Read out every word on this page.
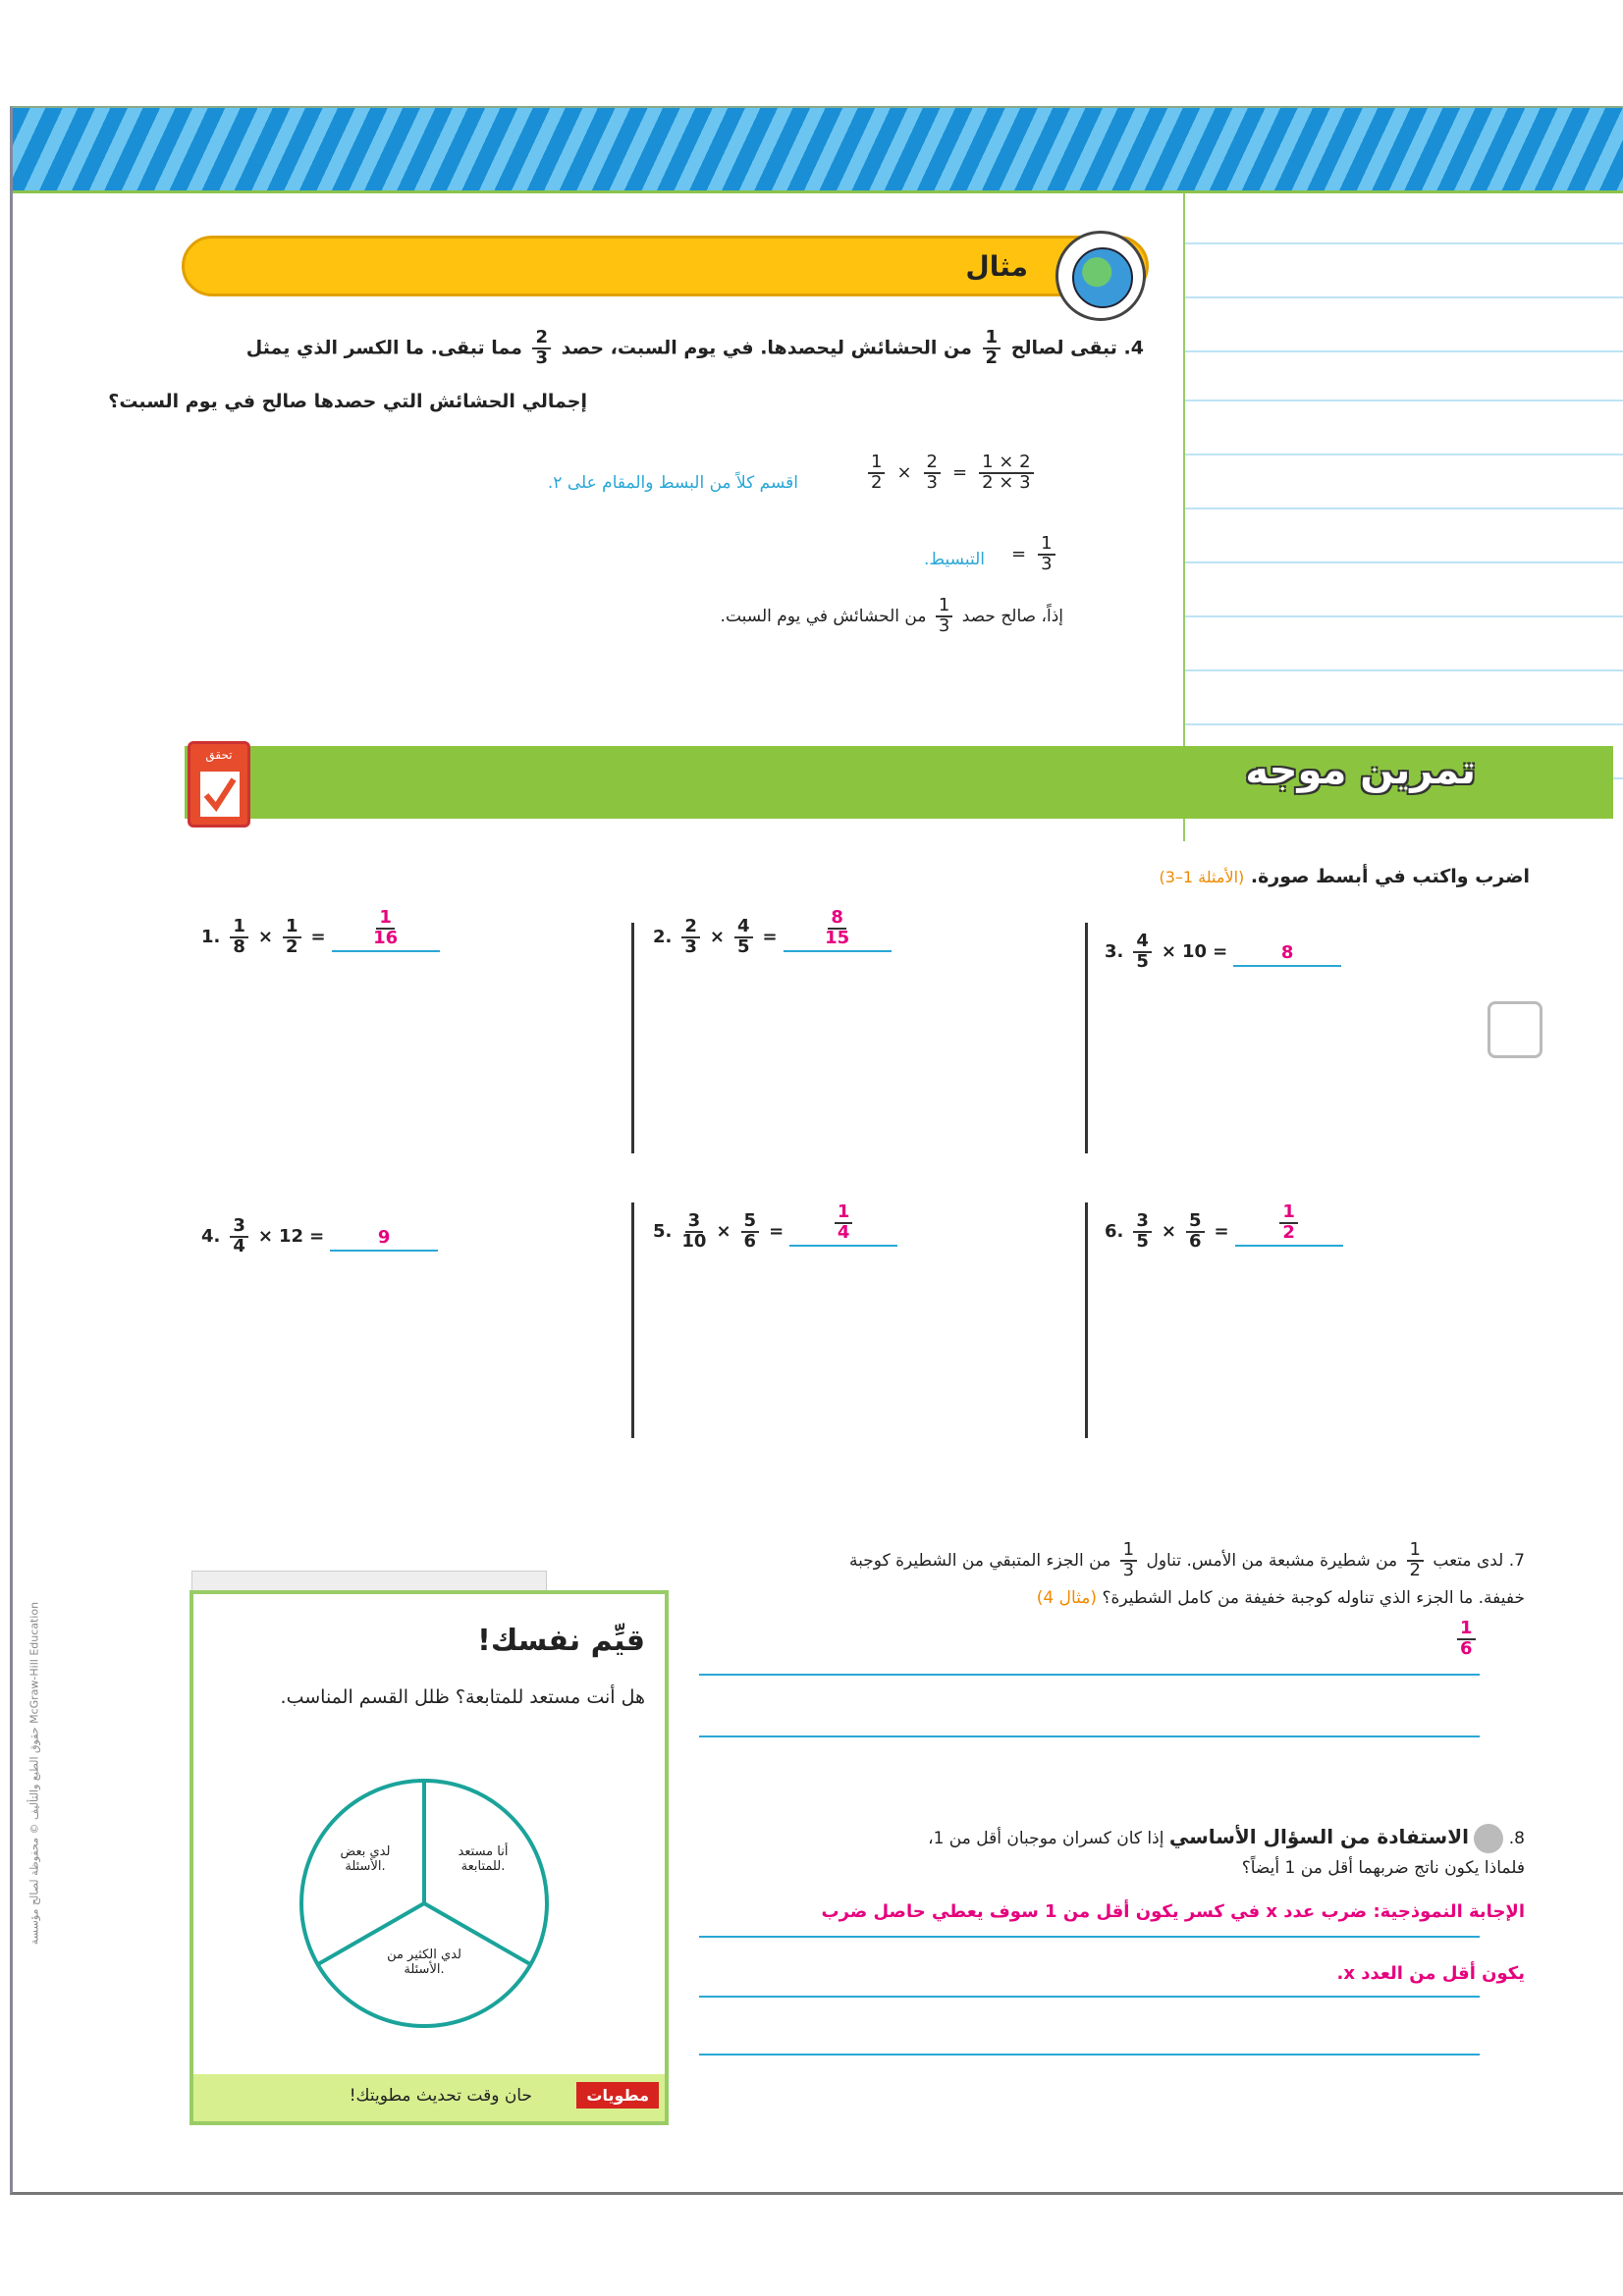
مثال
4. تبقى لصالح
$\frac{1}{2}$
من الحشائش ليحصدها. في يوم السبت، حصد
$\frac{2}{3}$
مما تبقى. ما الكسر الذي يمثل
إجمالي الحشائش التي حصدها صالح في يوم السبت؟
$\frac{1}{2} \times \frac{2}{3} = \frac{1 \times 2}{2 \times 3}$
اقسم كلاً من البسط والمقام على ٢.
= $\frac{1}{3}$
التبسيط.
إذاً، صالح حصد
$\frac{1}{3}$
من الحشائش في يوم السبت.
تمرين موجه
تحقق
اضرب واكتب في أبسط صورة. (الأمثلة 1–3)
1. $\frac{1}{8} \times \frac{1}{2}$ =	$\frac{1}{16}$	2. $\frac{2}{3} \times \frac{4}{5}$ =	$\frac{8}{15}$
3. $\frac{4}{5} \times 10$ =	8
4. $\frac{3}{4} \times 12$ =	9	5. $\frac{3}{10} \times \frac{5}{6}$ =	$\frac{1}{4}$	6. $\frac{3}{5} \times \frac{5}{6}$ =	$\frac{1}{2}$
7. لدى متعب
$\frac{1}{2}$
من شطيرة مشبعة من الأمس. تناول
$\frac{1}{3}$
من الجزء المتبقي من الشطيرة كوجبة
خفيفة. ما الجزء الذي تناوله كوجبة خفيفة من كامل الشطيرة؟ (مثال 4)
$\frac{1}{6}$
8.  الاستفادة من السؤال الأساسي إذا كان كسران موجبان أقل من 1،
فلماذا يكون ناتج ضربهما أقل من 1 أيضاً؟
الإجابة النموذجية: ضرب عدد x في كسر يكون أقل من 1 سوف يعطي حاصل ضرب
يكون أقل من العدد x.
قيِّم نفسك!
هل أنت مستعد للمتابعة؟ ظلل القسم المناسب.
أنا مستعد للمتابعة.
لدي بعض الأسئلة.
لدي الكثير من الأسئلة.
حان وقت تحديث مطويتك!	مطويات
حقوق الطبع والتأليف © محفوظة لصالح مؤسسة McGraw-Hill Education
